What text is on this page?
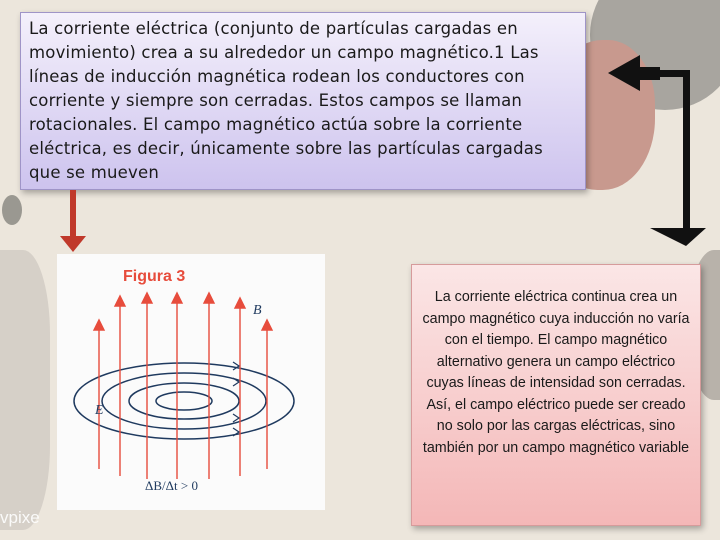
La corriente eléctrica (conjunto de partículas cargadas en movimiento) crea a su alrededor un campo magnético.1 Las líneas de inducción magnética rodean los conductores con corriente y siempre son cerradas. Estos campos se llaman rotacionales. El campo magnético actúa sobre la corriente eléctrica, es decir, únicamente sobre las partículas cargadas que se mueven
Figura 3
E
B
ΔB/Δt > 0
La corriente eléctrica continua crea un campo magnético cuya inducción no varía con el tiempo. El campo magnético alternativo genera un campo eléctrico cuyas líneas de intensidad son cerradas. Así, el campo eléctrico puede ser creado no solo por las cargas eléctricas, sino también por un campo magnético variable
vpixe
